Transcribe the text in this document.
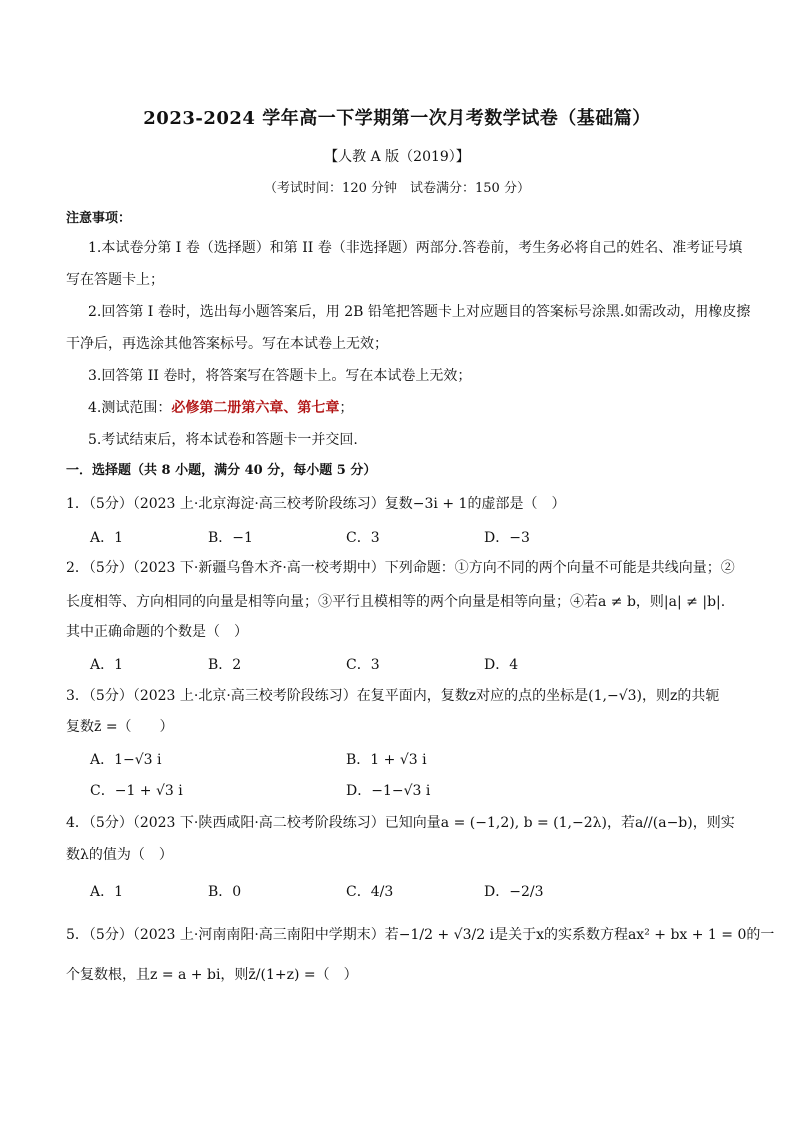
2023-2024 学年高一下学期第一次月考数学试卷（基础篇）
【人教 A 版（2019）】
（考试时间：120 分钟　试卷满分：150 分）
注意事项：
1.本试卷分第 I 卷（选择题）和第 II 卷（非选择题）两部分.答卷前，考生务必将自己的姓名、准考证号填
写在答题卡上；
2.回答第 I 卷时，选出每小题答案后，用 2B 铅笔把答题卡上对应题目的答案标号涂黑.如需改动，用橡皮擦
干净后，再选涂其他答案标号。写在本试卷上无效；
3.回答第 II 卷时，将答案写在答题卡上。写在本试卷上无效；
4.测试范围：必修第二册第六章、第七章；
5.考试结束后，将本试卷和答题卡一并交回.
一．选择题（共 8 小题，满分 40 分，每小题 5 分）
1．（5分）（2023 上·北京海淀·高三校考阶段练习）复数−3i + 1的虚部是（　）
A．1	B．−1	C．3	D．−3
2．（5分）（2023 下·新疆乌鲁木齐·高一校考期中）下列命题：①方向不同的两个向量不可能是共线向量；②
长度相等、方向相同的向量是相等向量；③平行且模相等的两个向量是相等向量；④若a ≠ b，则|a| ≠ |b|.
其中正确命题的个数是（　）
A．1	B．2	C．3	D．4
3．（5分）（2023 上·北京·高三校考阶段练习）在复平面内，复数z对应的点的坐标是(1,−√3)，则z的共轭
复数z̄ =（　　）
A．1−√3 i	B．1 + √3 i
C．−1 + √3 i	D．−1−√3 i
4．（5分）（2023 下·陕西咸阳·高二校考阶段练习）已知向量a = (−1,2), b = (1,−2λ)，若a//(a−b)，则实
数λ的值为（　）
A．1	B．0	C．4/3	D．−2/3
5．（5分）（2023 上·河南南阳·高三南阳中学期末）若−1/2 + √3/2 i是关于x的实系数方程ax² + bx + 1 = 0的一
个复数根，且z = a + bi，则z̄/(1+z) =（　）
